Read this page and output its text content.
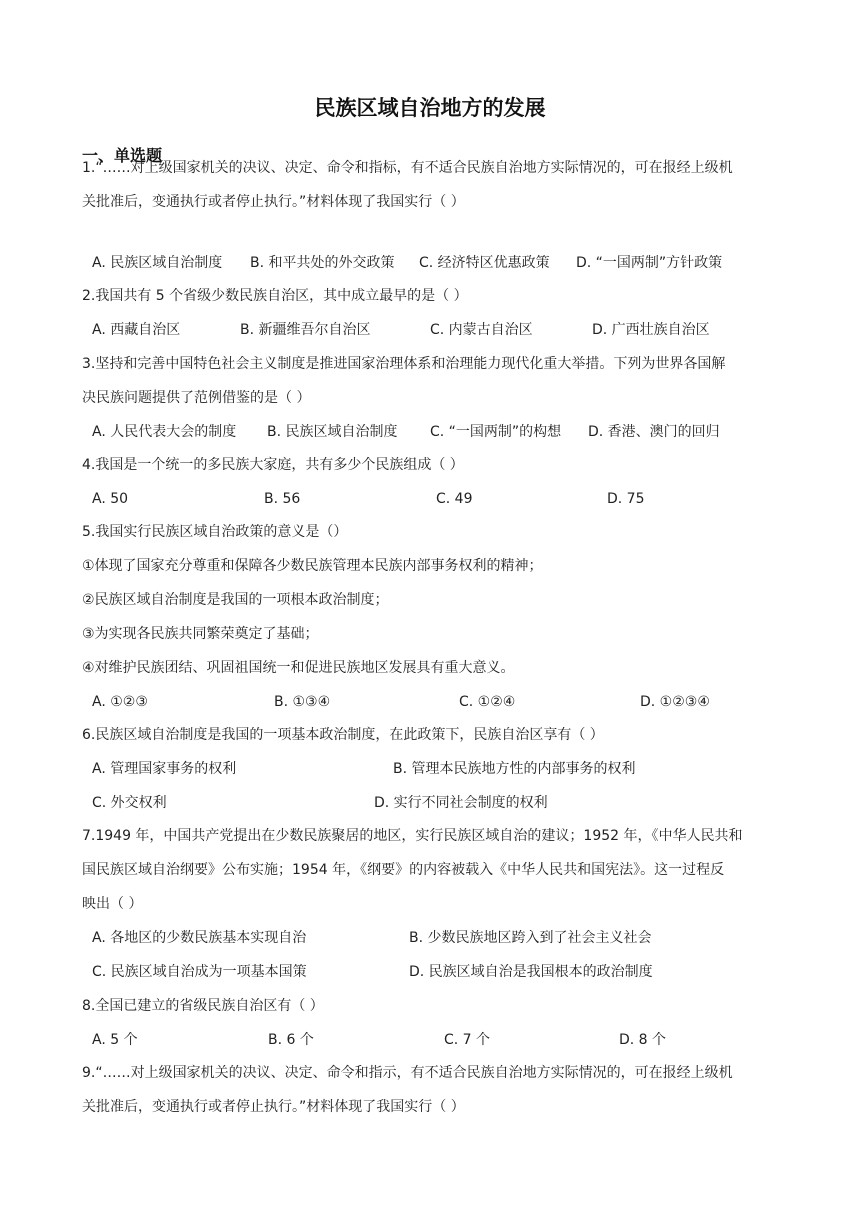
民族区域自治地方的发展
一、单选题
1.“……对上级国家机关的决议、决定、命令和指标，有不适合民族自治地方实际情况的，可在报经上级机
关批准后，变通执行或者停止执行。”材料体现了我国实行（ ）
A. 民族区域自治制度 B. 和平共处的外交政策 C. 经济特区优惠政策 D. “一国两制”方针政策
2.我国共有 5 个省级少数民族自治区，其中成立最早的是（ ）
A. 西藏自治区	B. 新疆维吾尔自治区	C. 内蒙古自治区	D. 广西壮族自治区
3.坚持和完善中国特色社会主义制度是推进国家治理体系和治理能力现代化重大举措。下列为世界各国解
决民族问题提供了范例借鉴的是（ ）
A. 人民代表大会的制度 B. 民族区域自治制度 C. “一国两制”的构想 D. 香港、澳门的回归
4.我国是一个统一的多民族大家庭，共有多少个民族组成（ ）
A. 50	B. 56	C. 49	D. 75
5.我国实行民族区域自治政策的意义是（）
①体现了国家充分尊重和保障各少数民族管理本民族内部事务权利的精神；
②民族区域自治制度是我国的一项根本政治制度；
③为实现各民族共同繁荣奠定了基础；
④对维护民族团结、巩固祖国统一和促进民族地区发展具有重大意义。
A. ①②③	B. ①③④	C. ①②④	D. ①②③④
6.民族区域自治制度是我国的一项基本政治制度，在此政策下，民族自治区享有（ ）
A. 管理国家事务的权利	B. 管理本民族地方性的内部事务的权利
C. 外交权利	D. 实行不同社会制度的权利
7.1949 年，中国共产党提出在少数民族聚居的地区，实行民族区域自治的建议；1952 年，《中华人民共和
国民族区域自治纲要》公布实施；1954 年，《纲要》的内容被载入《中华人民共和国宪法》。这一过程反
映出（ ）
A. 各地区的少数民族基本实现自治	B. 少数民族地区跨入到了社会主义社会
C. 民族区域自治成为一项基本国策	D. 民族区域自治是我国根本的政治制度
8.全国已建立的省级民族自治区有（ ）
A. 5 个	B. 6 个	C. 7 个	D. 8 个
9.“……对上级国家机关的决议、决定、命令和指示，有不适合民族自治地方实际情况的，可在报经上级机
关批准后，变通执行或者停止执行。”材料体现了我国实行（ ）
